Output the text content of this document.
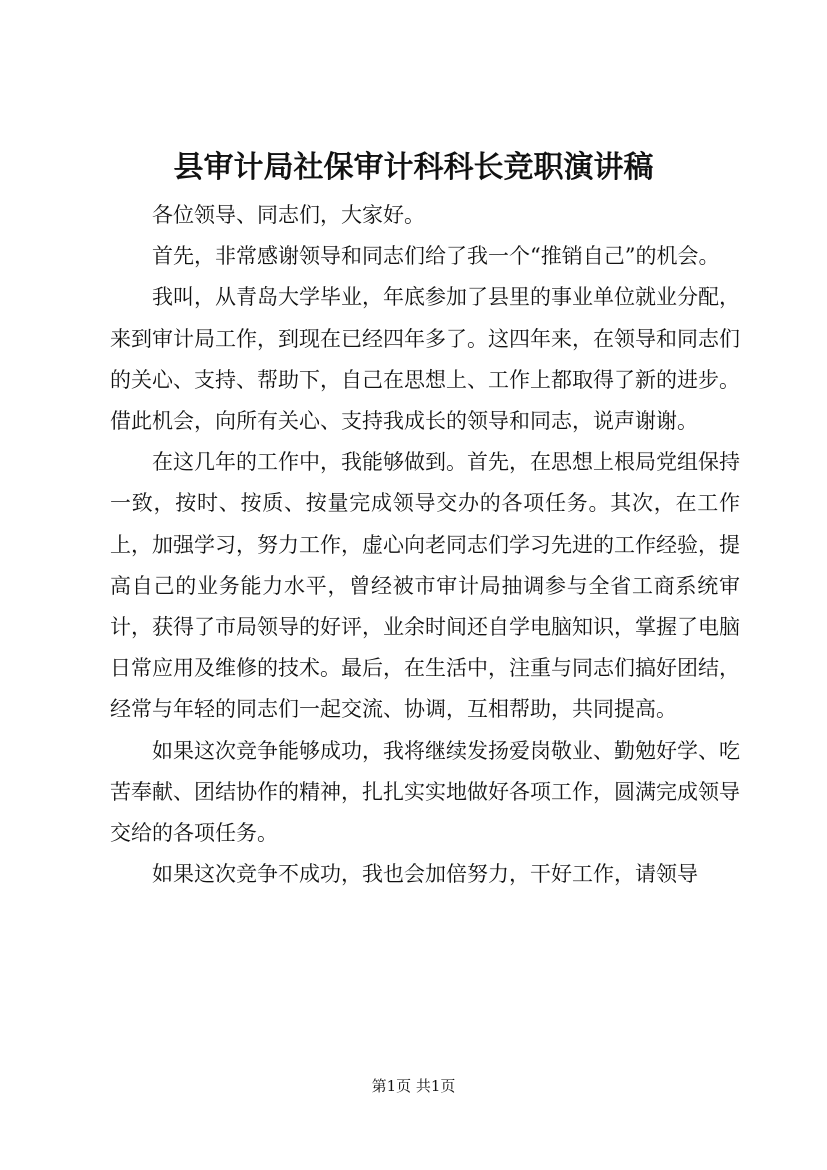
县审计局社保审计科科长竞职演讲稿

各位领导、同志们，大家好。

首先，非常感谢领导和同志们给了我一个“推销自己”的机会。

我叫，从青岛大学毕业，年底参加了县里的事业单位就业分配，来到审计局工作，到现在已经四年多了。这四年来，在领导和同志们的关心、支持、帮助下，自己在思想上、工作上都取得了新的进步。借此机会，向所有关心、支持我成长的领导和同志，说声谢谢。

在这几年的工作中，我能够做到。首先，在思想上根局党组保持一致，按时、按质、按量完成领导交办的各项任务。其次，在工作上，加强学习，努力工作，虚心向老同志们学习先进的工作经验，提高自己的业务能力水平，曾经被市审计局抽调参与全省工商系统审计，获得了市局领导的好评，业余时间还自学电脑知识，掌握了电脑日常应用及维修的技术。最后，在生活中，注重与同志们搞好团结，经常与年轻的同志们一起交流、协调，互相帮助，共同提高。

如果这次竞争能够成功，我将继续发扬爱岗敬业、勤勉好学、吃苦奉献、团结协作的精神，扎扎实实地做好各项工作，圆满完成领导交给的各项任务。

如果这次竞争不成功，我也会加倍努力，干好工作，请领导

第1页 共1页
